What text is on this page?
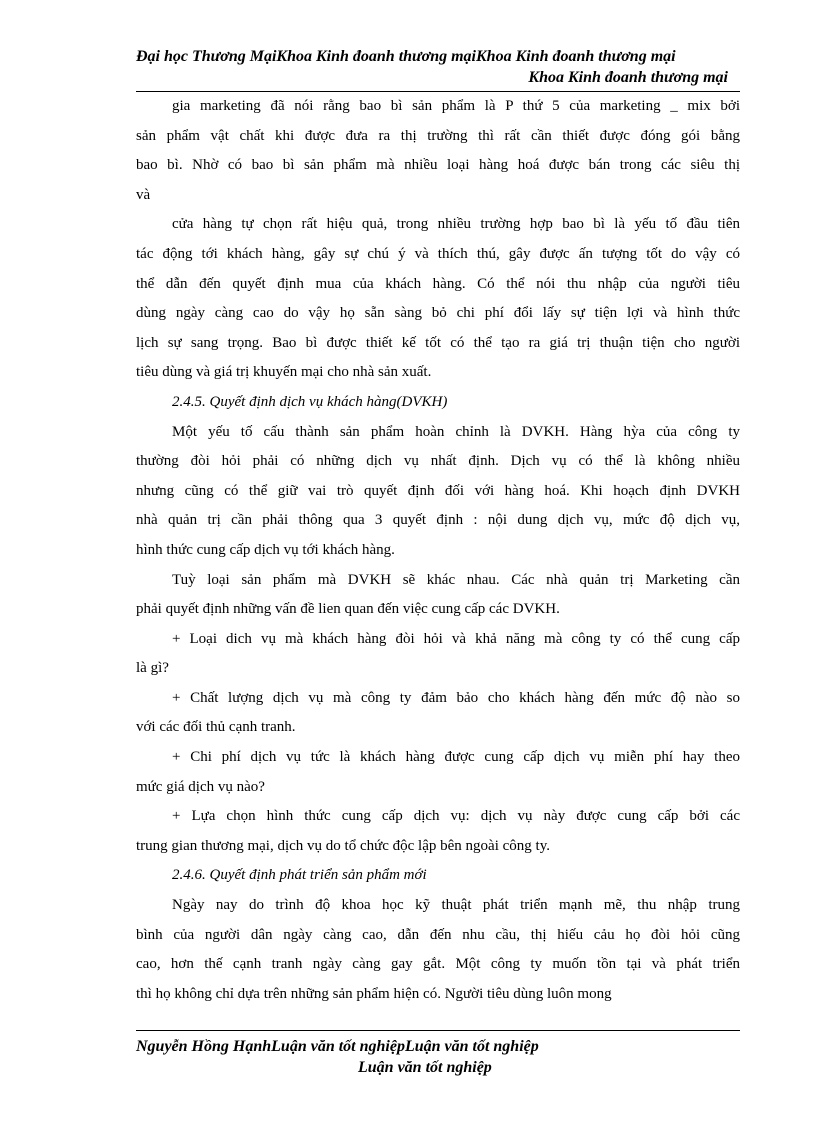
Đại học Thương MạiKhoa Kinh đoanh thương mạiKhoa Kinh đoanh thương mại
Khoa Kinh đoanh thương mại
gia marketing đã nói rằng bao bì sản phẩm là P thứ 5 của marketing _ mix bởi
sản phẩm vật chất khi được đưa ra thị trường thì rất cần thiết được đóng gói bằng
bao bì. Nhờ có bao bì sản phẩm mà nhiều loại hàng hoá được bán trong các siêu thị
và
cửa hàng tự chọn rất hiệu quả, trong nhiều trường hợp bao bì là yếu tố đầu tiên
tác động tới khách hàng, gây sự chú ý và thích thú, gây được ấn tượng tốt do vậy có
thể dẫn đến quyết định mua của khách hàng. Có thể nói thu nhập của người tiêu
dùng ngày càng cao do vậy họ sẵn sàng bỏ chi phí đổi lấy sự tiện lợi và hình thức
lịch sự sang trọng. Bao bì được thiết kế tốt có thể tạo ra giá trị thuận tiện cho người
tiêu dùng và giá trị khuyến mại cho nhà sản xuất.
2.4.5. Quyết định dịch vụ khách hàng(DVKH)
Một yếu tố cấu thành sản phẩm hoàn chỉnh là DVKH. Hàng hỳa của công ty
thường đòi hỏi phải có những dịch vụ nhất định. Dịch vụ có thể là không nhiều
nhưng cũng có thể giữ vai trò quyết định đối với hàng hoá. Khi hoạch định DVKH
nhà quản trị cần phải thông qua 3 quyết định : nội dung dịch vụ, mức độ dịch vụ,
hình thức cung cấp dịch vụ tới khách hàng.
Tuỳ loại sản phẩm mà DVKH sẽ khác nhau. Các nhà quản trị Marketing cần
phải quyết định những vấn đề lien quan đến việc cung cấp các DVKH.
+ Loại dich vụ mà khách hàng đòi hỏi và khả năng mà công ty có thể cung cấp
là gì?
+ Chất lượng dịch vụ mà công ty đảm bảo cho khách hàng đến mức độ nào so
với các đối thủ cạnh tranh.
+ Chi phí dịch vụ tức là khách hàng được cung cấp dịch vụ miễn phí hay theo
mức giá dịch vụ nào?
+ Lựa chọn hình thức cung cấp dịch vụ: dịch vụ này được cung cấp bởi các
trung gian thương mại, dịch vụ do tổ chức độc lập bên ngoài công ty.
2.4.6. Quyết định phát triển sản phẩm mới
Ngày nay do trình độ khoa học kỹ thuật phát triển mạnh mẽ, thu nhập trung
bình của người dân ngày càng cao, dẫn đến nhu cầu, thị hiếu cảu họ đòi hỏi cũng
cao, hơn thế cạnh tranh ngày càng gay gắt. Một công ty muốn tồn tại và phát triển
thì họ không chỉ dựa trên những sản phẩm hiện có. Người tiêu dùng luôn mong
Nguyễn Hồng HạnhLuận văn tốt nghiệpLuận văn tốt nghiệp
Luận văn tốt nghiệp
